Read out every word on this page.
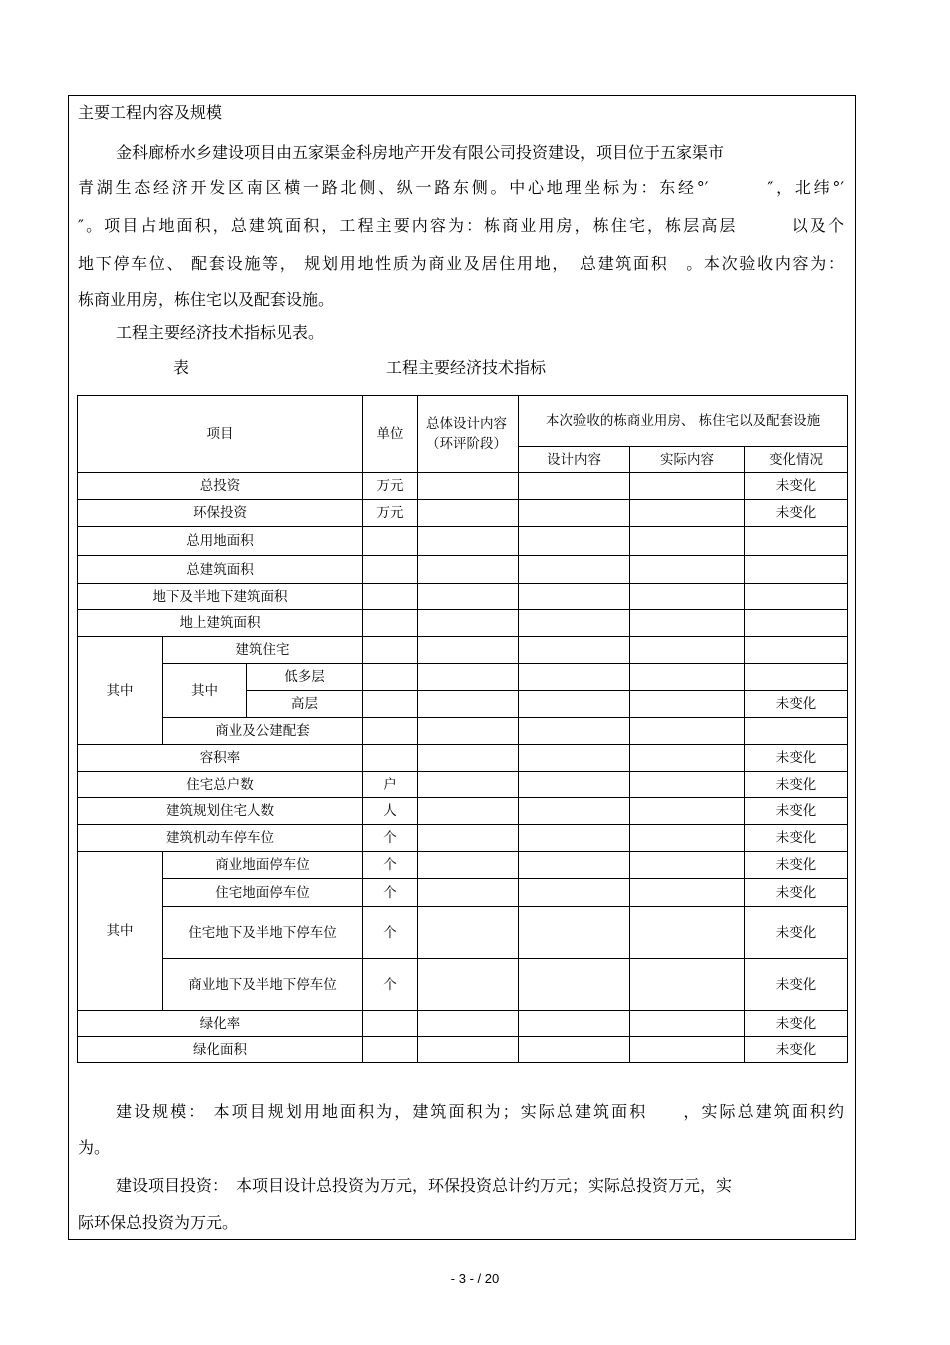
主要工程内容及规模
金科廊桥水乡建设项目由五家渠金科房地产开发有限公司投资建设，项目位于五家渠市
青湖生态经济开发区南区横一路北侧、纵一路东侧。中心地理坐标为：东经°′　　　″，北纬°′
″。项目占地面积，总建筑面积，工程主要内容为：栋商业用房，栋住宅，栋层高层　　　以及个
地下停车位、 配套设施等， 规划用地性质为商业及居住用地，　总建筑面积　。本次验收内容为：
栋商业用房，栋住宅以及配套设施。
工程主要经济技术指标见表。
表	工程主要经济技术指标
项目			单位	总体设计内容（环评阶段）	本次验收的栋商业用房、 栋住宅以及配套设施		
					设计内容	实际内容	变化情况
总投资			万元				未变化
环保投资			万元				未变化
总用地面积							
总建筑面积							
地下及半地下建筑面积							
地上建筑面积							
其中	建筑住宅						
	其中	低多层					
		高层					未变化
	商业及公建配套						
容积率							未变化
住宅总户数			户				未变化
建筑规划住宅人数			人				未变化
建筑机动车停车位			个				未变化
其中	商业地面停车位		个				未变化
	住宅地面停车位		个				未变化
	住宅地下及半地下停车位		个				未变化
	商业地下及半地下停车位		个				未变化
绿化率							未变化
绿化面积							未变化
建设规模： 本项目规划用地面积为，建筑面积为；实际总建筑面积　　，实际总建筑面积约
为。
建设项目投资：　本项目设计总投资为万元，环保投资总计约万元；实际总投资万元，实
际环保总投资为万元。
- 3 - / 20
